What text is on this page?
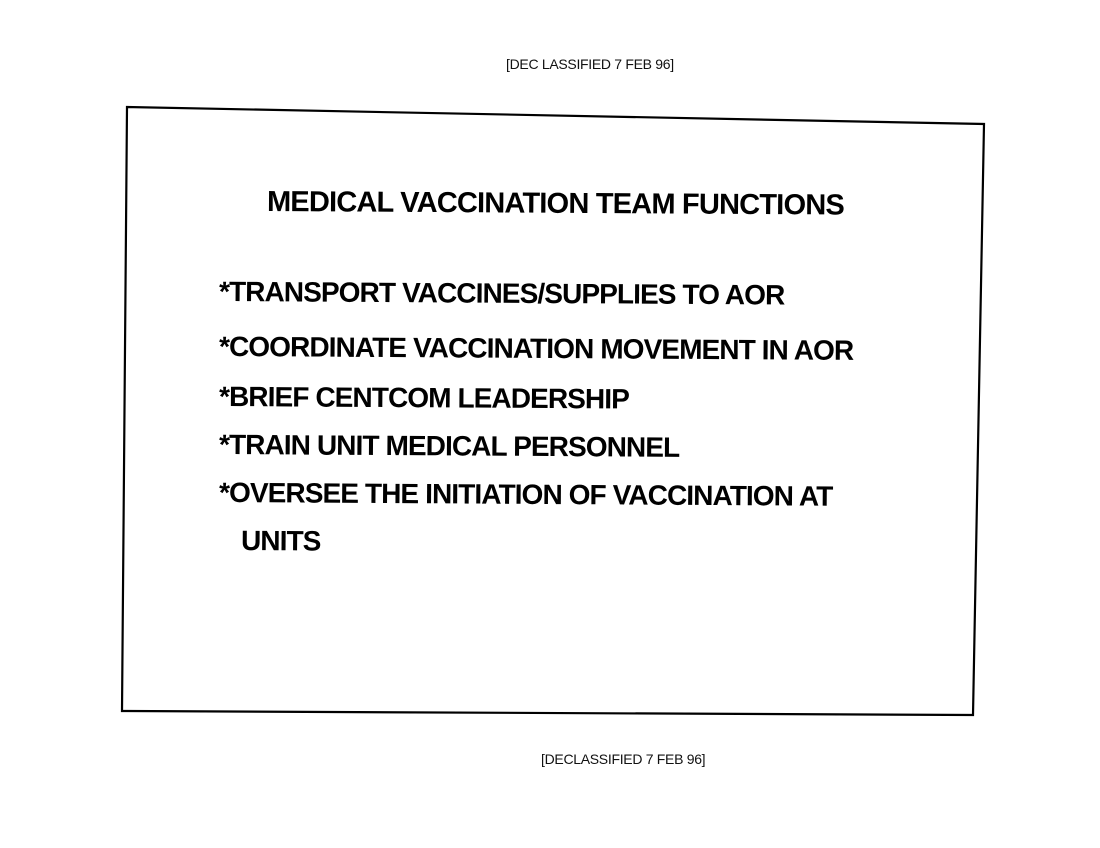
[DEC LASSIFIED 7 FEB 96]
MEDICAL VACCINATION TEAM FUNCTIONS
*TRANSPORT VACCINES/SUPPLIES TO AOR
*COORDINATE VACCINATION MOVEMENT IN AOR
*BRIEF CENTCOM LEADERSHIP
*TRAIN UNIT MEDICAL PERSONNEL
*OVERSEE THE INITIATION OF VACCINATION AT
UNITS
[DECLASSIFIED 7 FEB 96]
